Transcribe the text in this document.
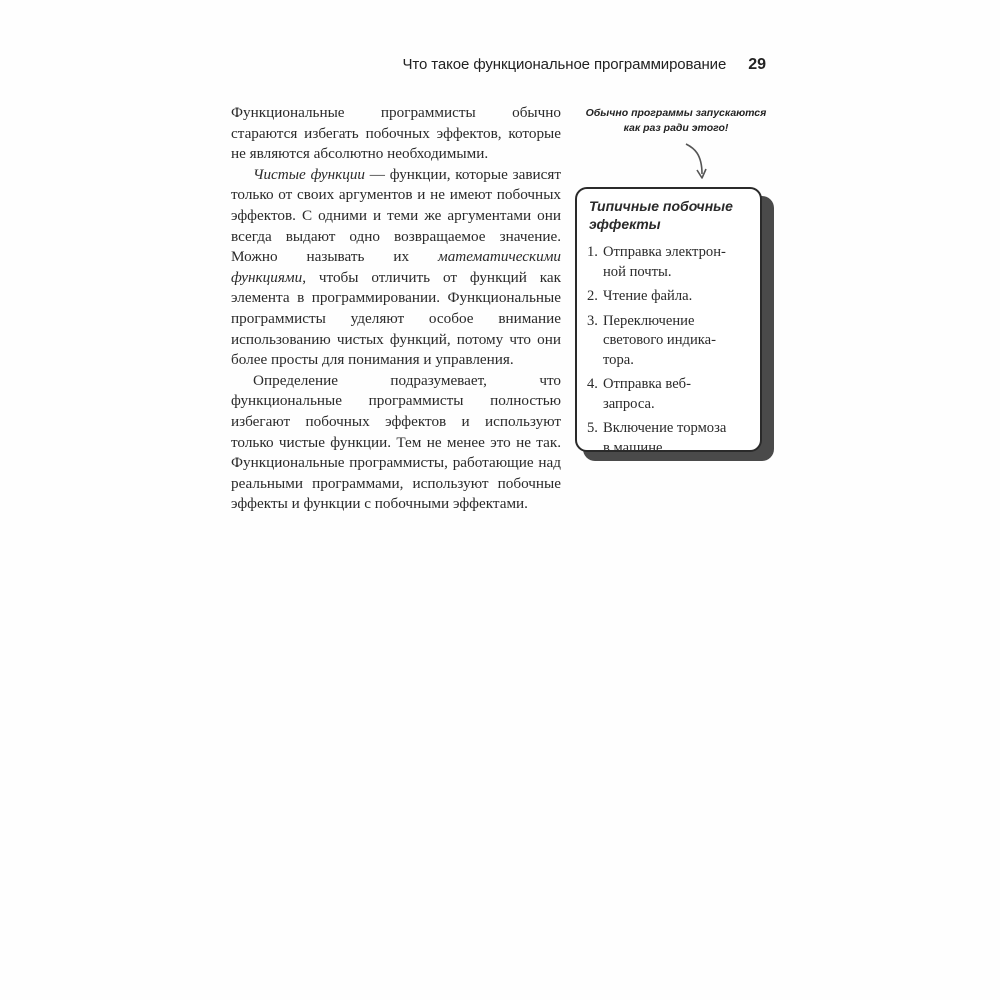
Что такое функциональное программирование 29

Функциональные программисты обычно стараются избегать побочных эффектов, которые не являются абсолютно необходимыми.

Чистые функции — функции, которые зависят только от своих аргументов и не имеют побочных эффектов. С одними и теми же аргументами они всегда выдают одно возвращаемое значение. Можно называть их математическими функциями, чтобы отличить от функций как элемента в программировании. Функциональные программисты уделяют особое внимание использованию чистых функций, потому что они более просты для понимания и управления.

Определение подразумевает, что функциональные программисты полностью избегают побочных эффектов и используют только чистые функции. Тем не менее это не так. Функциональные программисты, работающие над реальными программами, используют побочные эффекты и функции с побочными эффектами.

Обычно программы запускаются
как раз ради этого!
Типичные побочные
эффекты
1. Отправка электрон-
ной почты.
2. Чтение файла.
3. Переключение
светового индика-
тора.
4. Отправка веб-
запроса.
5. Включение тормоза
в машине.
